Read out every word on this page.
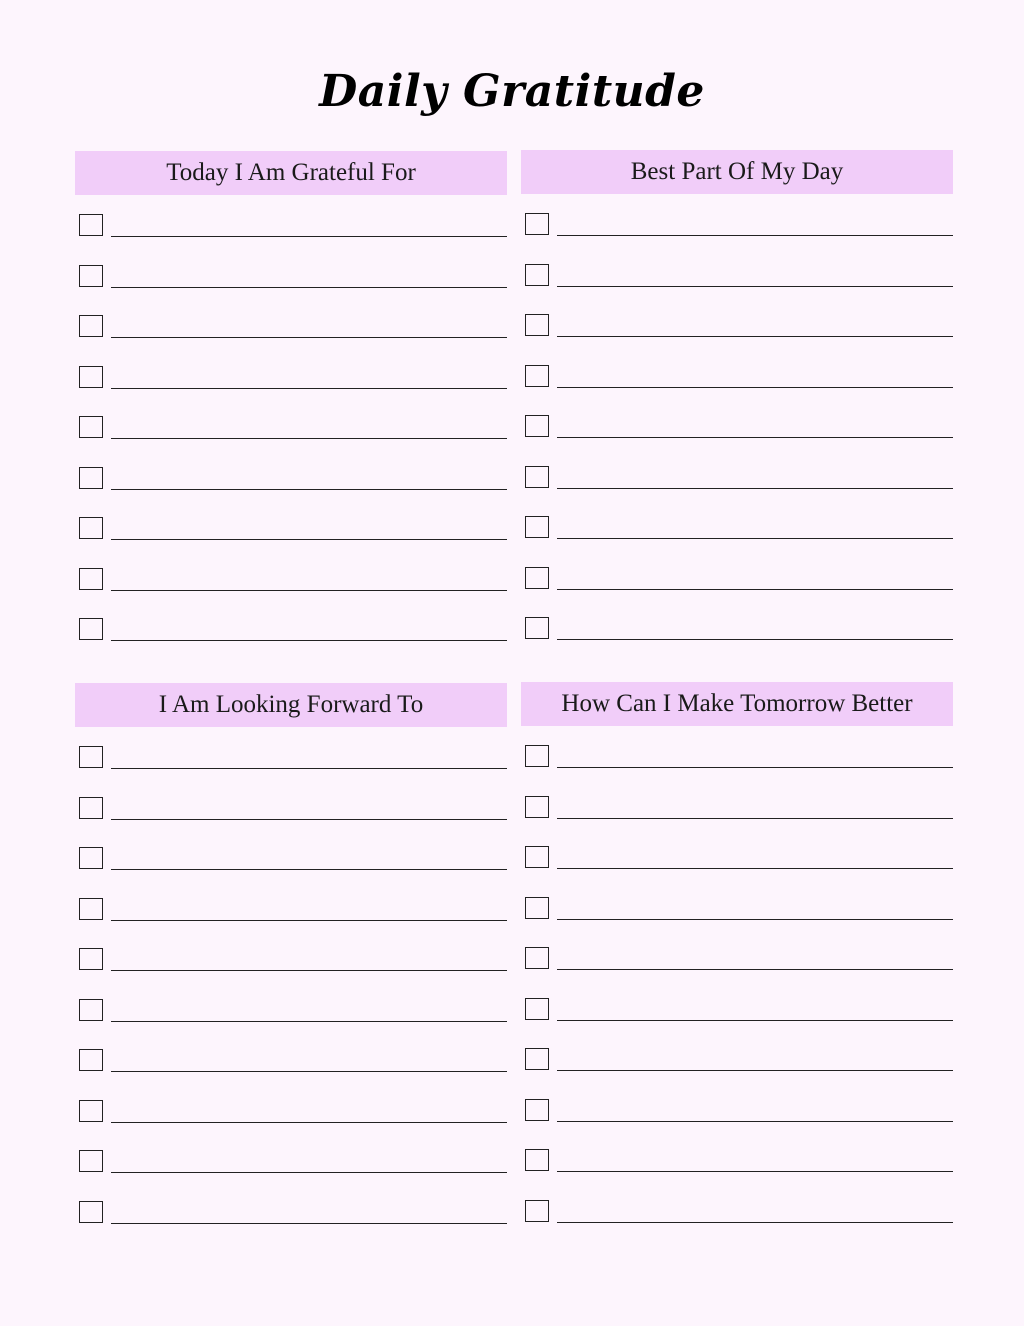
Daily Gratitude
Today I Am Grateful For	Best Part Of My Day
I Am Looking Forward To	How Can I Make Tomorrow Better
